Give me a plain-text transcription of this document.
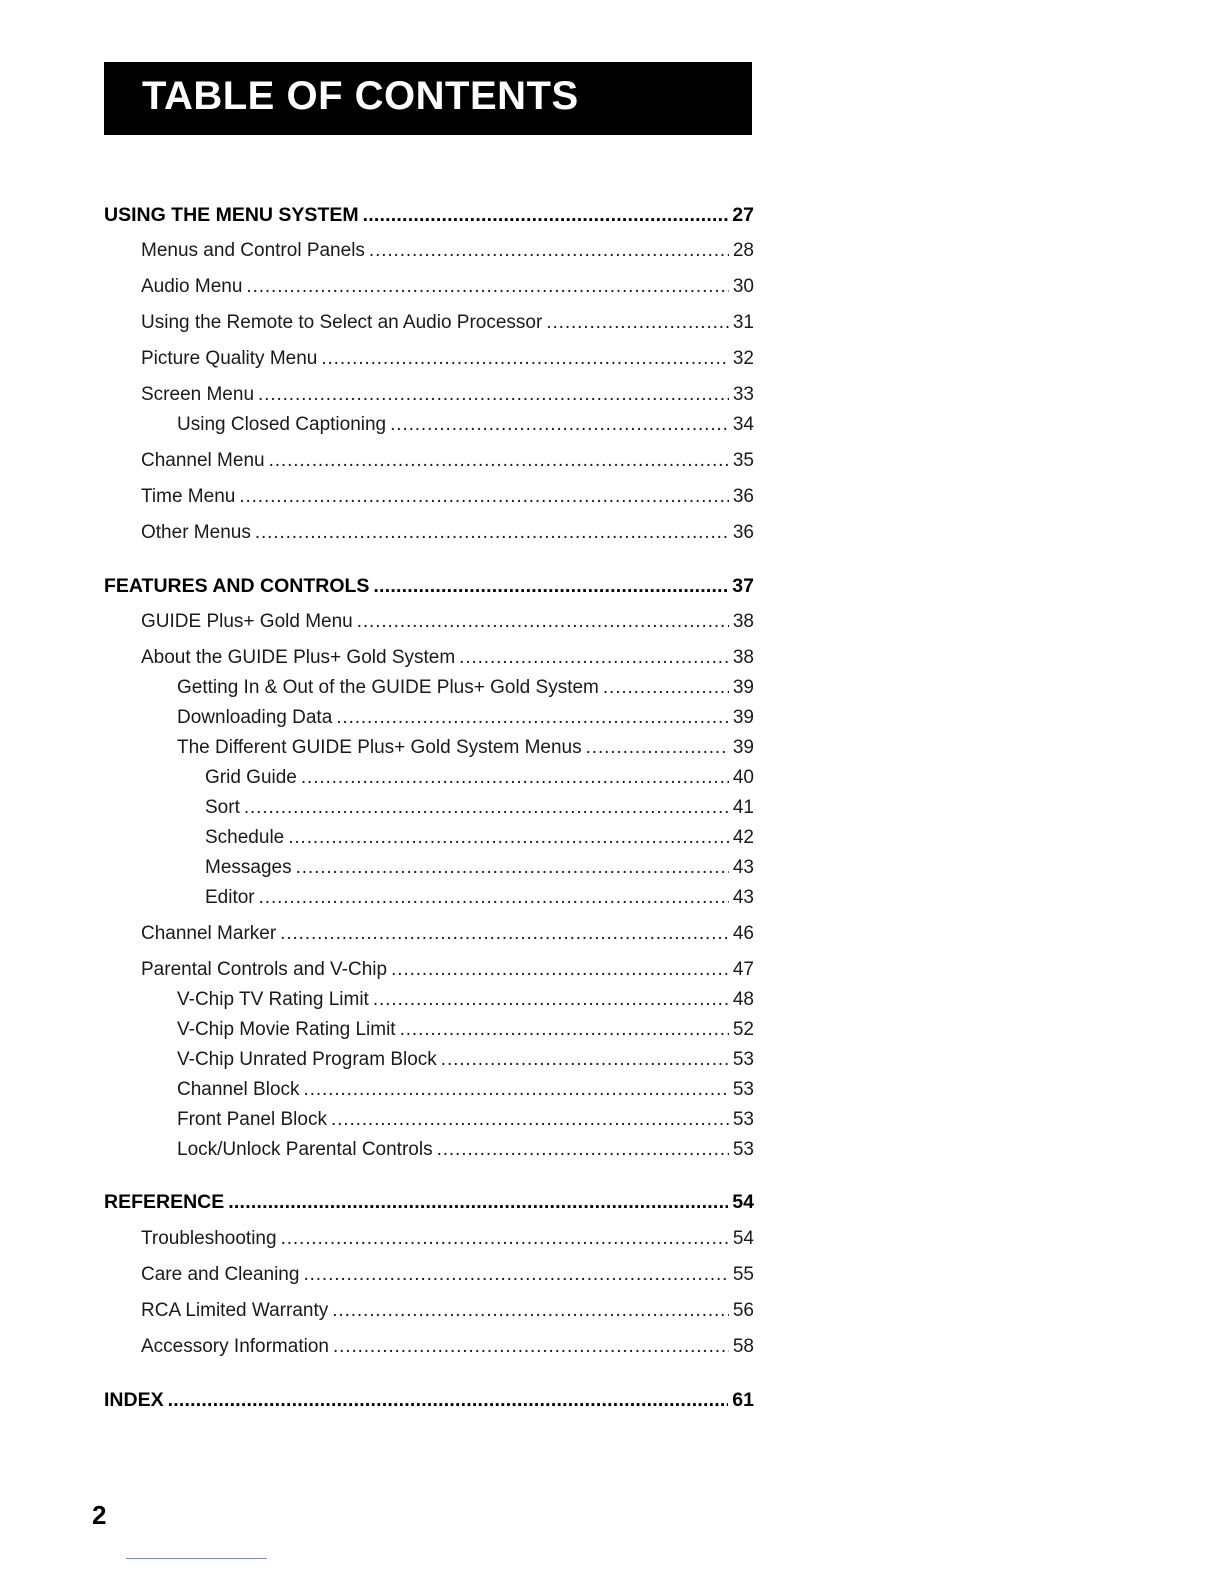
TABLE OF CONTENTS
USING THE MENU SYSTEM . . .	27
Menus and Control Panels . . .	28
Audio Menu . . .	30
Using the Remote to Select an Audio Processor . . .	31
Picture Quality Menu . . .	32
Screen Menu . . .	33
Using Closed Captioning . . .	34
Channel Menu . . .	35
Time Menu . . .	36
Other Menus . . .	36
FEATURES AND CONTROLS . . .	37
GUIDE Plus+ Gold Menu . . .	38
About the GUIDE Plus+ Gold System . . .	38
Getting In & Out of the GUIDE Plus+ Gold System . . .	39
Downloading Data . . .	39
The Different GUIDE Plus+ Gold System Menus . . .	39
Grid Guide . . .	40
Sort . . .	41
Schedule . . .	42
Messages . . .	43
Editor . . .	43
Channel Marker . . .	46
Parental Controls and V-Chip . . .	47
V-Chip TV Rating Limit . . .	48
V-Chip Movie Rating Limit . . .	52
V-Chip Unrated Program Block . . .	53
Channel Block . . .	53
Front Panel Block . . .	53
Lock/Unlock Parental Controls . . .	53
REFERENCE . . .	54
Troubleshooting . . .	54
Care and Cleaning . . .	55
RCA Limited Warranty . . .	56
Accessory Information . . .	58
INDEX . . .	61
2
